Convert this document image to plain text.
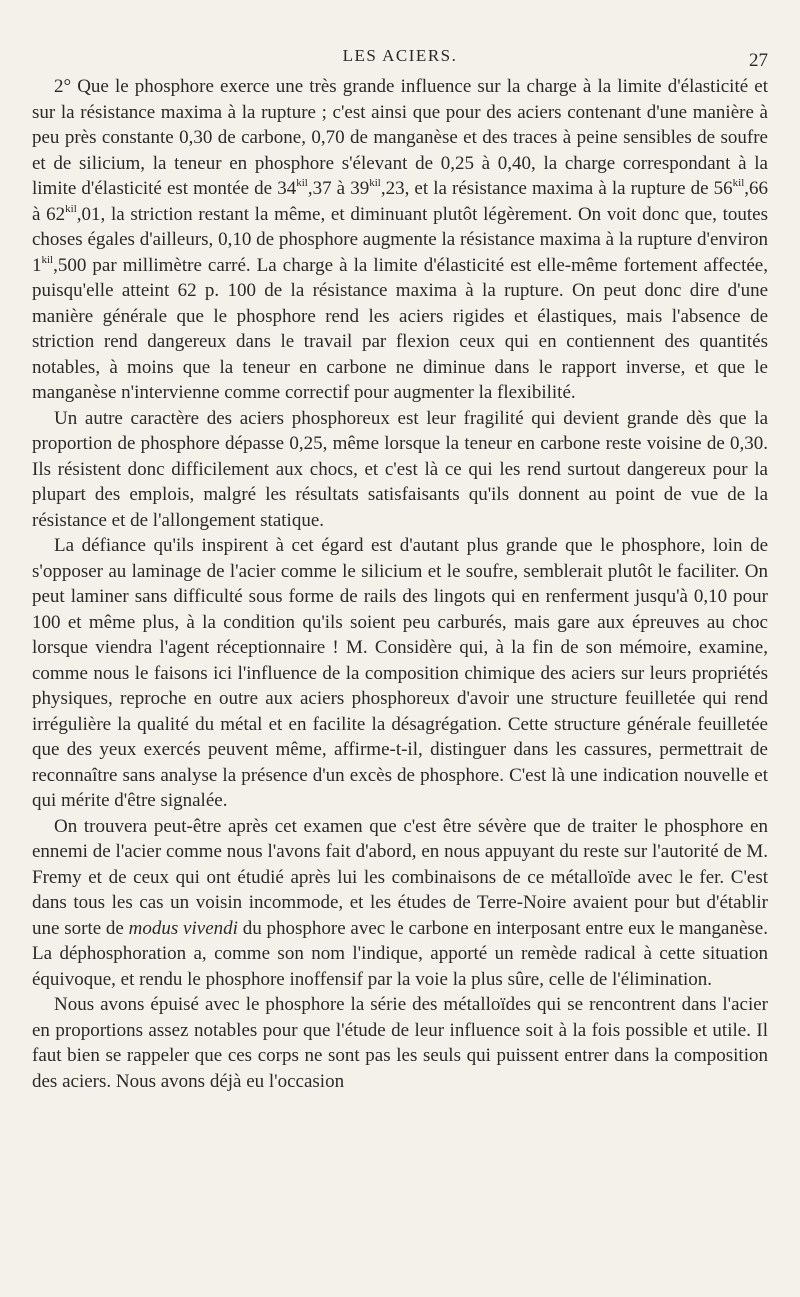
LES ACIERS.	27

2° Que le phosphore exerce une très grande influence sur la charge à la limite d'élasticité et sur la résistance maxima à la rupture ; c'est ainsi que pour des aciers contenant d'une manière à peu près constante 0,30 de carbone, 0,70 de manganèse et des traces à peine sensibles de soufre et de silicium, la teneur en phosphore s'élevant de 0,25 à 0,40, la charge correspondant à la limite d'élasticité est montée de $34^{kil},37$ à $39^{kil},23$, et la résistance maxima à la rupture de $56^{kil},66$ à $62^{kil},01$, la striction restant la même, et diminuant plutôt légèrement. On voit donc que, toutes choses égales d'ailleurs, 0,10 de phosphore augmente la résistance maxima à la rupture d'environ $1^{kil},500$ par millimètre carré. La charge à la limite d'élasticité est elle-même fortement affectée, puisqu'elle atteint 62 p. 100 de la résistance maxima à la rupture. On peut donc dire d'une manière générale que le phosphore rend les aciers rigides et élastiques, mais l'absence de striction rend dangereux dans le travail par flexion ceux qui en contiennent des quantités notables, à moins que la teneur en carbone ne diminue dans le rapport inverse, et que le manganèse n'intervienne comme correctif pour augmenter la flexibilité.

Un autre caractère des aciers phosphoreux est leur fragilité qui devient grande dès que la proportion de phosphore dépasse 0,25, même lorsque la teneur en carbone reste voisine de 0,30. Ils résistent donc difficilement aux chocs, et c'est là ce qui les rend surtout dangereux pour la plupart des emplois, malgré les résultats satisfaisants qu'ils donnent au point de vue de la résistance et de l'allongement statique.

La défiance qu'ils inspirent à cet égard est d'autant plus grande que le phosphore, loin de s'opposer au laminage de l'acier comme le silicium et le soufre, semblerait plutôt le faciliter. On peut laminer sans difficulté sous forme de rails des lingots qui en renferment jusqu'à 0,10 pour 100 et même plus, à la condition qu'ils soient peu carburés, mais gare aux épreuves au choc lorsque viendra l'agent réceptionnaire ! M. Considère qui, à la fin de son mémoire, examine, comme nous le faisons ici l'influence de la composition chimique des aciers sur leurs propriétés physiques, reproche en outre aux aciers phosphoreux d'avoir une structure feuilletée qui rend irrégulière la qualité du métal et en facilite la désagrégation. Cette structure générale feuilletée que des yeux exercés peuvent même, affirme-t-il, distinguer dans les cassures, permettrait de reconnaître sans analyse la présence d'un excès de phosphore. C'est là une indication nouvelle et qui mérite d'être signalée.

On trouvera peut-être après cet examen que c'est être sévère que de traiter le phosphore en ennemi de l'acier comme nous l'avons fait d'abord, en nous appuyant du reste sur l'autorité de M. Fremy et de ceux qui ont étudié après lui les combinaisons de ce métalloïde avec le fer. C'est dans tous les cas un voisin incommode, et les études de Terre-Noire avaient pour but d'établir une sorte de modus vivendi du phosphore avec le carbone en interposant entre eux le manganèse. La déphosphoration a, comme son nom l'indique, apporté un remède radical à cette situation équivoque, et rendu le phosphore inoffensif par la voie la plus sûre, celle de l'élimination.

Nous avons épuisé avec le phosphore la série des métalloïdes qui se rencontrent dans l'acier en proportions assez notables pour que l'étude de leur influence soit à la fois possible et utile. Il faut bien se rappeler que ces corps ne sont pas les seuls qui puissent entrer dans la composition des aciers. Nous avons déjà eu l'occasion
